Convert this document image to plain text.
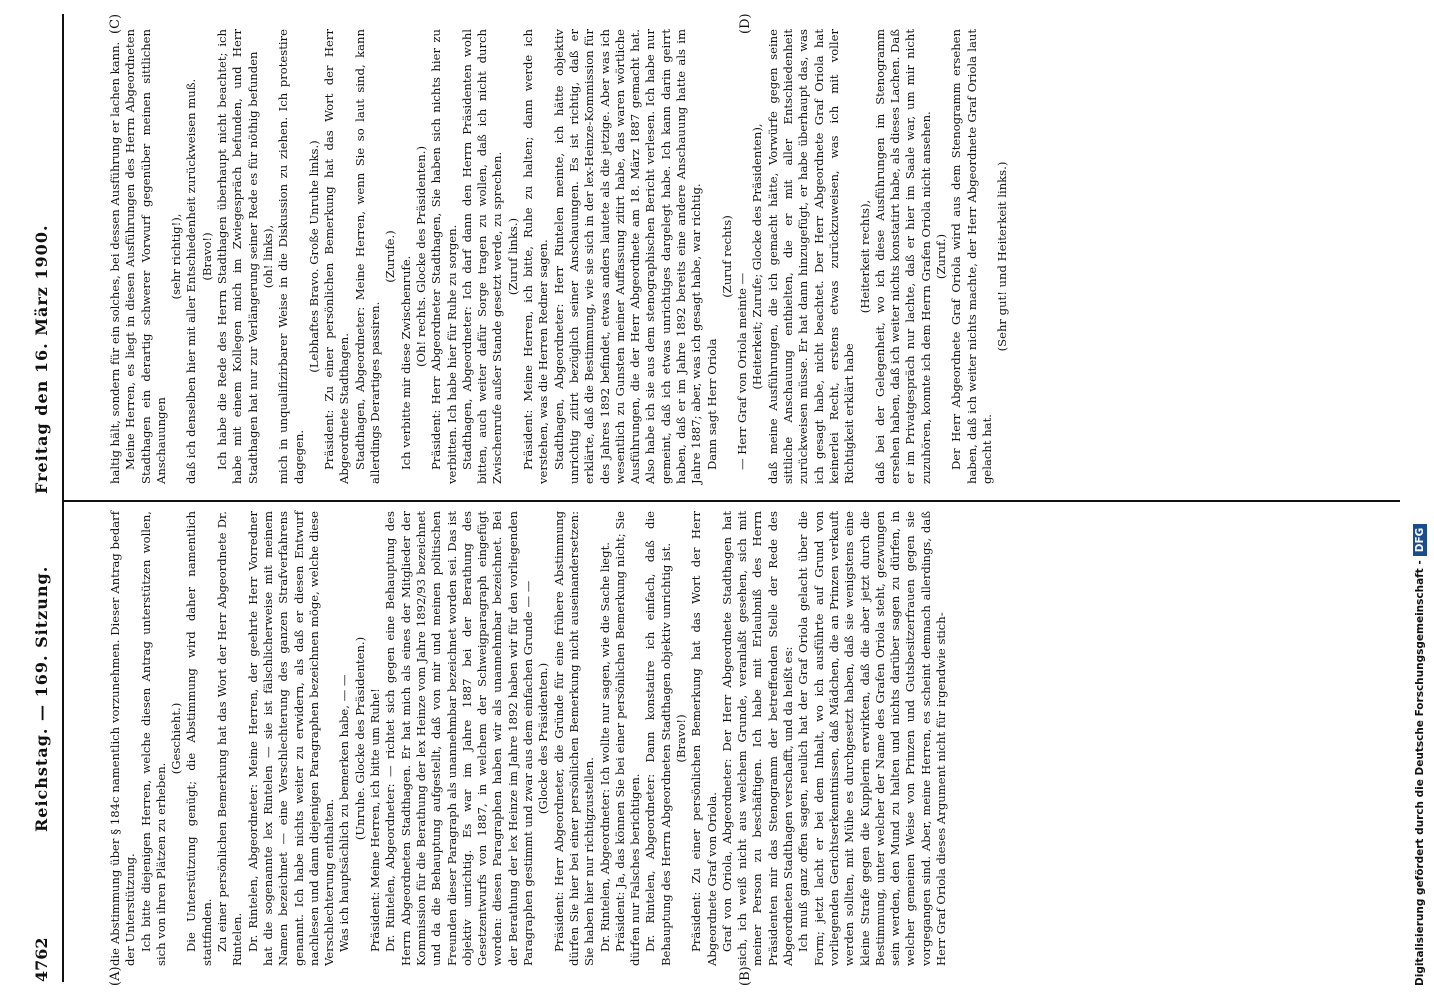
4762
Reichstag. — 169. Sitzung.
Freitag den 16. März 1900.
(A)	(B)
(C)	(D)

die Abstimmung über § 184c namentlich vorzunehmen. Dieser Antrag bedarf der Unterstützung. Ich bitte diejenigen Herren, welche diesen Antrag unterstützen wollen, sich von ihren Plätzen zu erheben.

(Geschieht.) Die Unterstützung genügt; die Abstimmung wird daher namentlich stattfinden. Zu einer persönlichen Bemerkung hat das Wort der Herr Abgeordnete Dr. Rintelen. Dr. Rintelen, Abgeordneter: Meine Herren, der geehrte Herr Vorredner hat die sogenannte lex Rintelen — sie ist fälschlicherweise mit meinem Namen bezeichnet — eine Verschlechterung des ganzen Strafverfahrens genannt. Ich habe nichts weiter zu erwidern, als daß er diesen Entwurf nachlesen und dann diejenigen Paragraphen bezeichnen möge, welche diese Verschlechterung enthalten. Was ich hauptsächlich zu bemerken habe, — — (Unruhe. Glocke des Präsidenten.) Präsident: Meine Herren, ich bitte um Ruhe! Dr. Rintelen, Abgeordneter: — richtet sich gegen eine Behauptung des Herrn Abgeordneten Stadthagen. Er hat mich als eines der Mitglieder der Kommission für die Berathung der lex Heinze vom Jahre 1892/93 bezeichnet und da die Behauptung aufgestellt, daß von mir und meinen politischen Freunden dieser Paragraph als unannehmbar bezeichnet worden sei. Das ist objektiv unrichtig. Es war im Jahre 1887 bei der Berathung des Gesetzentwurfs von 1887, in welchem der Schweigparagraph eingefügt worden: diesen Paragraphen haben wir als unannehmbar bezeichnet. Bei der Berathung der lex Heinze im Jahre 1892 haben wir für den vorliegenden Paragraphen gestimmt und zwar aus dem einfachen Grunde — — (Glocke des Präsidenten.) Präsident: Herr Abgeordneter, die Gründe für eine frühere Abstimmung dürfen Sie hier bei einer persönlichen Bemerkung nicht auseinandersetzen: Sie haben hier nur richtigzustellen. Dr. Rintelen, Abgeordneter: Ich wollte nur sagen, wie die Sache liegt. Präsident: Ja, das können Sie bei einer persönlichen Bemerkung nicht; Sie dürfen nur Falsches berichtigen. Dr. Rintelen, Abgeordneter: Dann konstatire ich einfach, daß die Behauptung des Herrn Abgeordneten Stadthagen objektiv unrichtig ist. (Bravo!) Präsident: Zu einer persönlichen Bemerkung hat das Wort der Herr Abgeordnete Graf von Oriola. Graf von Oriola, Abgeordneter: Der Herr Abgeordnete Stadthagen hat sich, ich weiß nicht aus welchem Grunde, veranlaßt gesehen, sich mit meiner Person zu beschäftigen. Ich habe mit Erlaubniß des Herrn Präsidenten mir das Stenogramm der betreffenden Stelle der Rede des Abgeordneten Stadthagen verschafft, und da heißt es: Ich muß ganz offen sagen, neulich hat der Graf Oriola gelacht über die Form; jetzt lacht er bei dem Inhalt, wo ich ausführte auf Grund von vorliegenden Gerichtserkenntnissen, daß Mädchen, die an Prinzen verkauft werden sollten, mit Mühe es durchgesetzt haben, daß sie wenigstens eine kleine Strafe gegen die Kupplerin erwirkten, daß die aber jetzt durch die Bestimmung, unter welcher der Name des Grafen Oriola steht, gezwungen sein werden, den Mund zu halten und nichts darüber sagen zu dürfen, in welcher gemeinen Weise von Prinzen und Gutsbesitzerfrauen gegen sie vorgegangen sind. Aber, meine Herren, es scheint demnach allerdings, daß Herr Graf Oriola dieses Argument nicht für irgendwie stich-

haltig hält, sondern für ein solches, bei dessen Ausführung er lachen kann. Meine Herren, es liegt in diesen Ausführungen des Herrn Abgeordneten Stadthagen ein derartig schwerer Vorwurf gegenüber meinen sittlichen Anschauungen

(sehr richtig!), daß ich denselben hier mit aller Entschiedenheit zurückweisen muß. (Bravo!) Ich habe die Rede des Herrn Stadthagen überhaupt nicht beachtet; ich habe mit einem Kollegen mich im Zwiegespräch befunden, und Herr Stadthagen hat nur zur Verlängerung seiner Rede es für nöthig befunden (oh! links), mich in unqualifizirbarer Weise in die Diskussion zu ziehen. Ich protestire dagegen.

(Lebhaftes Bravo. Große Unruhe links.) Präsident: Zu einer persönlichen Bemerkung hat das Wort der Herr Abgeordnete Stadthagen. Stadthagen, Abgeordneter: Meine Herren, wenn Sie so laut sind, kann allerdings Derartiges passiren.

(Zurufe.) Ich verbitte mir diese Zwischenrufe. (Oh! rechts. Glocke des Präsidenten.) Präsident: Herr Abgeordneter Stadthagen, Sie haben sich nichts hier zu verbitten. Ich habe hier für Ruhe zu sorgen. Stadthagen, Abgeordneter: Ich darf dann den Herrn Präsidenten wohl bitten, auch weiter dafür Sorge tragen zu wollen, daß ich nicht durch Zwischenrufe außer Stande gesetzt werde, zu sprechen. (Zuruf links.) Präsident: Meine Herren, ich bitte, Ruhe zu halten; dann werde ich verstehen, was die Herren Redner sagen. Stadthagen, Abgeordneter: Herr Rintelen meinte, ich hätte objektiv unrichtig zitirt bezüglich seiner Anschauungen. Es ist richtig, daß er erklärte, daß die Bestimmung, wie sie sich in der lex-Heinze-Kommission für des Jahres 1892 befindet, etwas anders lautete als die jetzige. Aber was ich wesentlich zu Gunsten meiner Auffassung zitirt habe, das waren wörtliche Ausführungen, die der Herr Abgeordnete am 18. März 1887 gemacht hat. Also habe ich sie aus dem stenographischen Bericht verlesen. Ich habe nur gemeint, daß ich etwas unrichtiges dargelegt habe. Ich kann darin geirrt haben, daß er im Jahre 1892 bereits eine andere Anschauung hatte als im Jahre 1887; aber, was ich gesagt habe, war richtig. Dann sagt Herr Oriola

(Zuruf rechts)

— Herr Graf von Oriola meinte — (Heiterkeit; Zurufe; Glocke des Präsidenten), daß meine Ausführungen, die ich gemacht hätte, Vorwürfe gegen seine sittliche Anschauung enthielten, die er mit aller Entschiedenheit zurückweisen müsse. Er hat dann hinzugefügt, er habe überhaupt das, was ich gesagt habe, nicht beachtet. Der Herr Abgeordnete Graf Oriola hat keinerlei Recht, erstens etwas zurückzuweisen, was ich mit voller Richtigkeit erklärt habe

(Heiterkeit rechts), daß bei der Gelegenheit, wo ich diese Ausführungen im Stenogramm ersehen haben, daß ich weiter nichts konstatirt habe, als dieses Lachen. Daß er im Privatgespräch nur lachte, daß er hier im Saale war, um mir nicht zuzuhören, konnte ich dem Herrn Grafen Oriola nicht ansehen. (Zuruf.) Der Herr Abgeordnete Graf Oriola wird aus dem Stenogramm ersehen haben, daß ich weiter nichts machte, der Herr Abgeordnete Graf Oriola laut gelacht hat.

(Sehr gut! und Heiterkeit links.)

Digitalisierung gefördert durch die Deutsche Forschungsgemeinschaft -DFG
